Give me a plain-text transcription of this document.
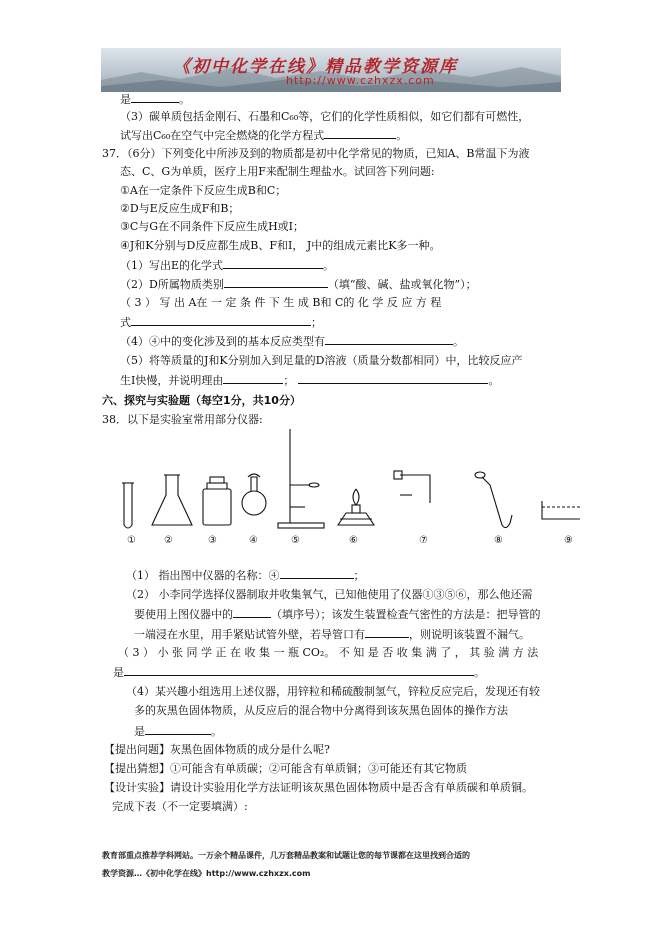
《初中化学在线》精品教学资源库
http://www.czhxzx.com
是	。
（3）碳单质包括金刚石、石墨和C₆₀等，它们的化学性质相似，如它们都有可燃性，
试写出C₆₀在空气中完全燃烧的化学方程式	。
37．（6分）下列变化中所涉及到的物质都是初中化学常见的物质，已知A、B常温下为液
态、C、G为单质，医疗上用F来配制生理盐水。试回答下列问题:
①A在一定条件下反应生成B和C；
②D与E反应生成F和B；
③C与G在不同条件下反应生成H或I；
④J和K分别与D反应都生成B、F和I， J中的组成元素比K多一种。
（1）写出E的化学式	。
（2）D所属物质类别	（填“酸、碱、盐或氧化物”）；
（ 3 ） 写 出 A在 一 定 条 件 下 生 成 B和 C的 化 学 反 应 方 程
式	；
（4）④中的变化涉及到的基本反应类型有	。
（5）将等质量的J和K分别加入到足量的D溶液（质量分数都相同）中，比较反应产
生I快慢，并说明理由	；	。
六、探究与实验题（每空1分，共10分）
38．以下是实验室常用部分仪器:
①	②	③	④	⑤	⑥	⑦	⑧	⑨
（1） 指出图中仪器的名称：④	；
（2） 小李同学选择仪器制取并收集氧气，已知他使用了仪器①③⑤⑥，那么他还需
要使用上图仪器中的	（填序号）；该发生装置检查气密性的方法是：把导管的
一端浸在水里，用手紧贴试管外壁，若导管口有	，则说明该装置不漏气。
（ 3 ） 小 张 同 学 正 在 收 集 一 瓶 CO₂。 不 知 是 否 收 集 满 了 ， 其 验 满 方 法
是	。
（4）某兴趣小组选用上述仪器，用锌粒和稀硫酸制氢气，锌粒反应完后，发现还有较
多的灰黑色固体物质，从反应后的混合物中分离得到该灰黑色固体的操作方法
是	。
【提出问题】灰黑色固体物质的成分是什么呢?
【提出猜想】①可能含有单质碳；②可能含有单质铜；③可能还有其它物质
【设计实验】请设计实验用化学方法证明该灰黑色固体物质中是否含有单质碳和单质铜。
完成下表（不一定要填满）:
教育部重点推荐学科网站。一万余个精品课件，几万套精品教案和试题让您的每节课都在这里找到合适的
教学资源…《初中化学在线》http://www.czhxzx.com
